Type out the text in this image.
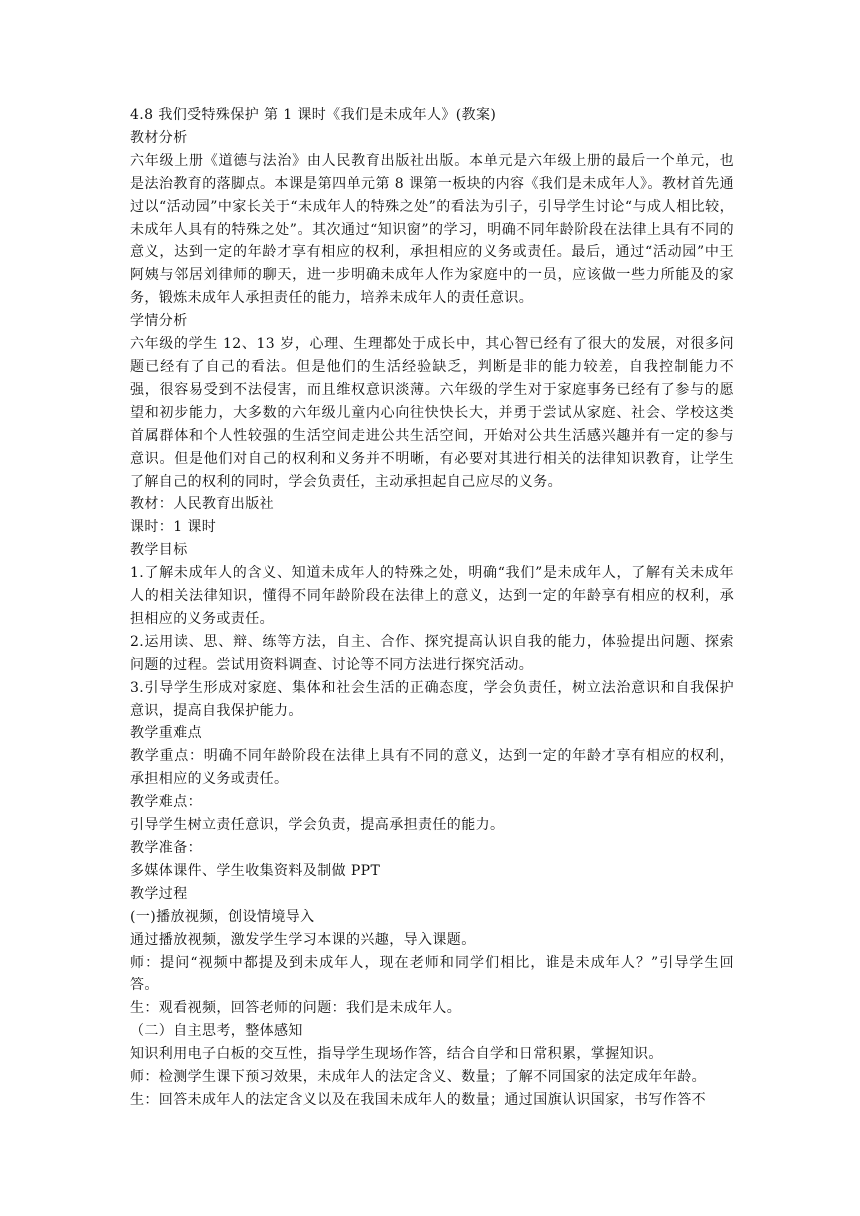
4.8 我们受特殊保护 第 1 课时《我们是未成年人》(教案)

教材分析

六年级上册《道德与法治》由人民教育出版社出版。本单元是六年级上册的最后一个单元，也是法治教育的落脚点。本课是第四单元第 8 课第一板块的内容《我们是未成年人》。教材首先通过以“活动园”中家长关于“未成年人的特殊之处”的看法为引子，引导学生讨论“与成人相比较，未成年人具有的特殊之处”。其次通过“知识窗”的学习，明确不同年龄阶段在法律上具有不同的意义，达到一定的年龄才享有相应的权利，承担相应的义务或责任。最后，通过“活动园”中王阿姨与邻居刘律师的聊天，进一步明确未成年人作为家庭中的一员，应该做一些力所能及的家务，锻炼未成年人承担责任的能力，培养未成年人的责任意识。

学情分析

六年级的学生 12、13 岁，心理、生理都处于成长中，其心智已经有了很大的发展，对很多问题已经有了自己的看法。但是他们的生活经验缺乏，判断是非的能力较差，自我控制能力不强，很容易受到不法侵害，而且维权意识淡薄。六年级的学生对于家庭事务已经有了参与的愿望和初步能力，大多数的六年级儿童内心向往快快长大，并勇于尝试从家庭、社会、学校这类首属群体和个人性较强的生活空间走进公共生活空间，开始对公共生活感兴趣并有一定的参与意识。但是他们对自己的权利和义务并不明晰，有必要对其进行相关的法律知识教育，让学生了解自己的权利的同时，学会负责任，主动承担起自己应尽的义务。

教材：人民教育出版社

课时：1 课时

教学目标

1.了解未成年人的含义、知道未成年人的特殊之处，明确“我们”是未成年人，了解有关未成年人的相关法律知识，懂得不同年龄阶段在法律上的意义，达到一定的年龄享有相应的权利，承担相应的义务或责任。

2.运用读、思、辩、练等方法，自主、合作、探究提高认识自我的能力，体验提出问题、探索问题的过程。尝试用资料调查、讨论等不同方法进行探究活动。

3.引导学生形成对家庭、集体和社会生活的正确态度，学会负责任，树立法治意识和自我保护意识，提高自我保护能力。

教学重难点

教学重点：明确不同年龄阶段在法律上具有不同的意义，达到一定的年龄才享有相应的权利，承担相应的义务或责任。

教学难点：

引导学生树立责任意识，学会负责，提高承担责任的能力。

教学准备：

多媒体课件、学生收集资料及制做 PPT

教学过程

(一)播放视频，创设情境导入

通过播放视频，激发学生学习本课的兴趣，导入课题。

师：提问“视频中都提及到未成年人，现在老师和同学们相比，谁是未成年人？”引导学生回答。

生：观看视频，回答老师的问题：我们是未成年人。

（二）自主思考，整体感知

知识利用电子白板的交互性，指导学生现场作答，结合自学和日常积累，掌握知识。

师：检测学生课下预习效果，未成年人的法定含义、数量；了解不同国家的法定成年年龄。

生：回答未成年人的法定含义以及在我国未成年人的数量；通过国旗认识国家，书写作答不
